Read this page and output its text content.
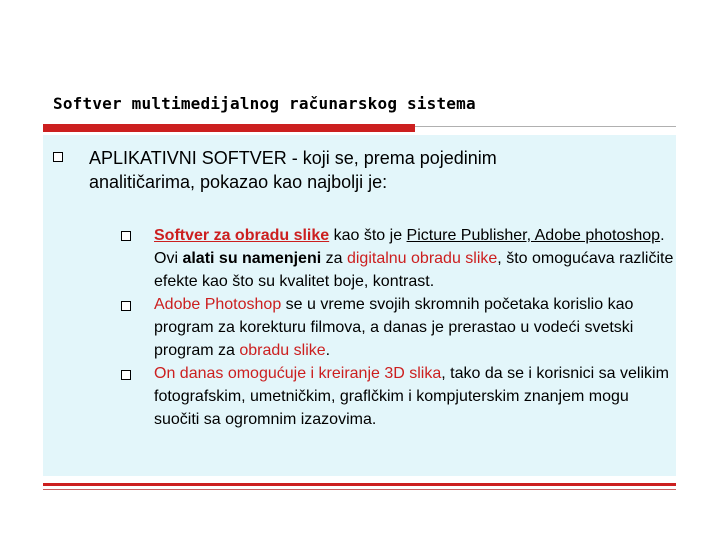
Softver multimedijalnog računarskog sistema
APLIKATIVNI SOFTVER - koji se, prema pojedinim analitičarima, pokazao kao najbolji je:
Softver za obradu slike kao što je Picture Publisher, Adobe photoshop. Ovi alati su namenjeni za digitalnu obradu slike, što omogućava različite efekte kao što su kvalitet boje, kontrast.
Adobe Photoshop se u vreme svojih skromnih početaka korislio kao program za korekturu filmova, a danas je prerastao u vodeći svetski program za obradu slike.
On danas omogućuje i kreiranje 3D slika, tako da se i korisnici sa velikim fotografskim, umetničkim, graflčkim i kompjuterskim znanjem mogu suočiti sa ogromnim izazovima.
